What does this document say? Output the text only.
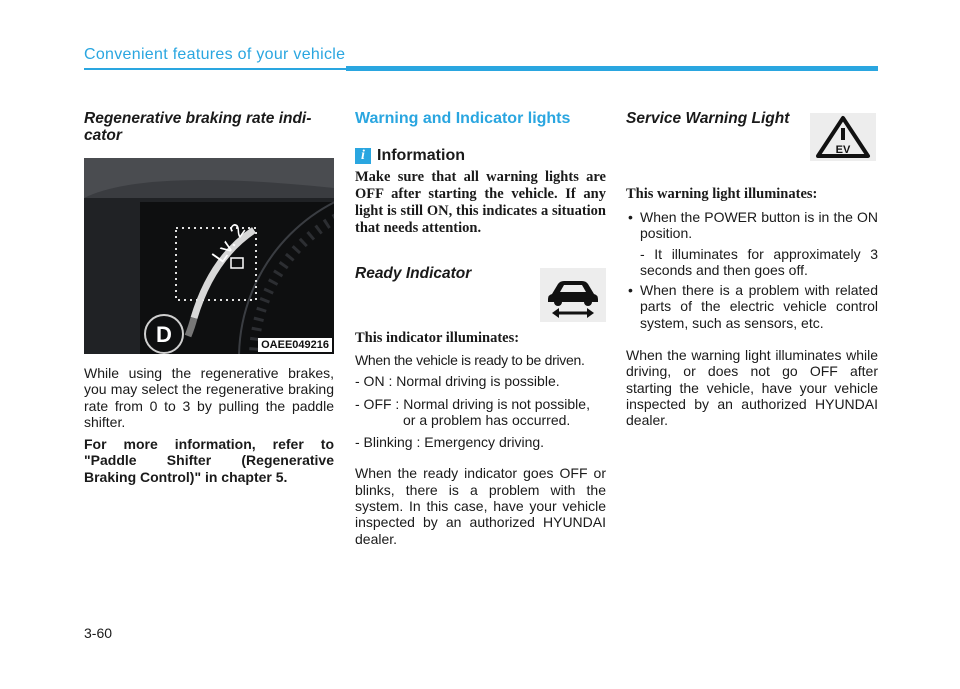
Convenient features of your vehicle

Regenerative braking rate indi-
cator

Lv. 2
D	OAEE049216

While using the regenerative brakes, you may select the regenerative braking rate from 0 to 3 by pulling the paddle shifter.

For more information, refer to "Paddle Shifter (Regenerative Braking Control)" in chapter 5.

Warning and Indicator lights

i Information

Make sure that all warning lights are OFF after starting the vehicle. If any light is still ON, this indicates a situation that needs attention.

Ready Indicator

This indicator illuminates:

When the vehicle is ready to be driven.

- ON : Normal driving is possible.
- OFF : Normal driving is not possible,
or a problem has occurred.
- Blinking : Emergency driving.

When the ready indicator goes OFF or blinks, there is a problem with the system. In this case, have your vehicle inspected by an authorized HYUNDAI dealer.

Service Warning Light

EV

This warning light illuminates:

• When the POWER button is in the ON position.

- It illuminates for approximately 3 seconds and then goes off.

• When there is a problem with related parts of the electric vehicle control system, such as sensors, etc.

When the warning light illuminates while driving, or does not go OFF after starting the vehicle, have your vehicle inspected by an authorized HYUNDAI dealer.

3-60
